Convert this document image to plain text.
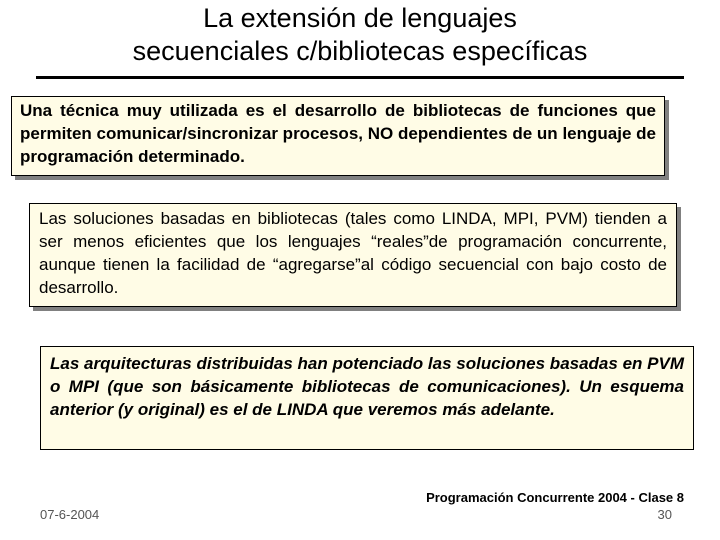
La extensión de lenguajes
secuenciales c/bibliotecas específicas
Una técnica muy utilizada es el desarrollo de bibliotecas de funciones que permiten comunicar/sincronizar procesos, NO dependientes de un lenguaje de programación determinado.
Las soluciones basadas en bibliotecas (tales como LINDA, MPI, PVM) tienden a ser menos eficientes que los lenguajes “reales”de programación concurrente, aunque tienen la facilidad de “agregarse”al código secuencial con bajo costo de desarrollo.
Las arquitecturas distribuidas han potenciado las soluciones basadas en PVM o MPI (que son básicamente bibliotecas de comunicaciones). Un esquema anterior (y original) es el de LINDA que veremos más adelante.
07-6-2004
Programación Concurrente 2004 - Clase 8
30
